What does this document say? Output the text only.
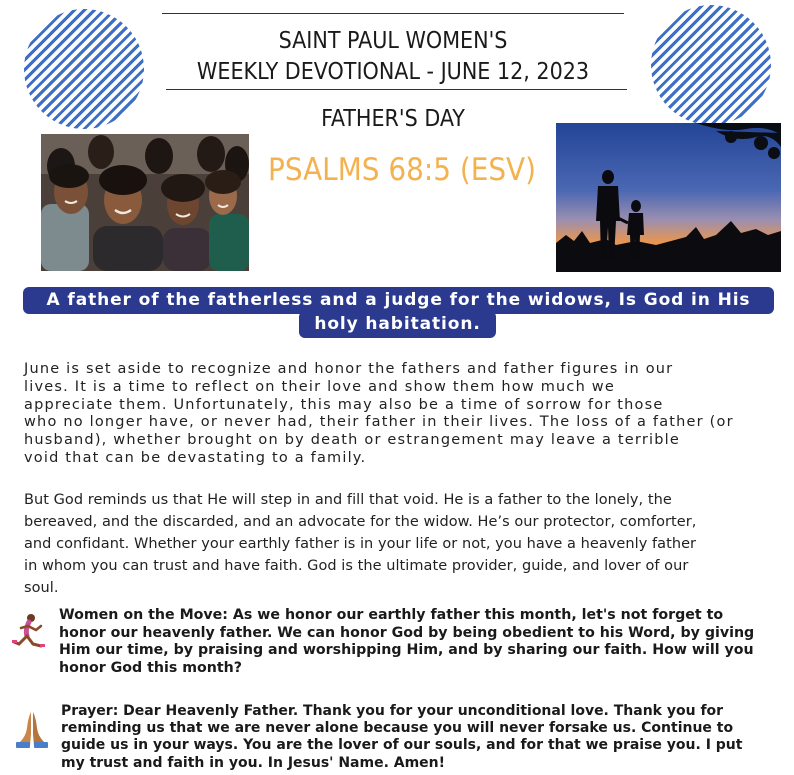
SAINT PAUL WOMEN'S
WEEKLY DEVOTIONAL - JUNE 12, 2023
FATHER'S DAY
PSALMS 68:5 (ESV)
A father of the fatherless and a judge for the widows, Is God in His
holy habitation.
June is set aside to recognize and honor the fathers and father figures in our
lives. It is a time to reflect on their love and show them how much we
appreciate them. Unfortunately, this may also be a time of sorrow for those
who no longer have, or never had, their father in their lives. The loss of a father (or
husband), whether brought on by death or estrangement may leave a terrible
void that can be devastating to a family.
But God reminds us that He will step in and fill that void. He is a father to the lonely, the
bereaved, and the discarded, and an advocate for the widow. He’s our protector, comforter,
and confidant. Whether your earthly father is in your life or not, you have a heavenly father
in whom you can trust and have faith. God is the ultimate provider, guide, and lover of our
soul.
Women on the Move: As we honor our earthly father this month, let's not forget to
honor our heavenly father. We can honor God by being obedient to his Word, by giving
Him our time, by praising and worshipping Him, and by sharing our faith. How will you
honor God this month?
Prayer: Dear Heavenly Father. Thank you for your unconditional love. Thank you for
reminding us that we are never alone because you will never forsake us. Continue to
guide us in your ways. You are the lover of our souls, and for that we praise you. I put
my trust and faith in you. In Jesus' Name. Amen!
